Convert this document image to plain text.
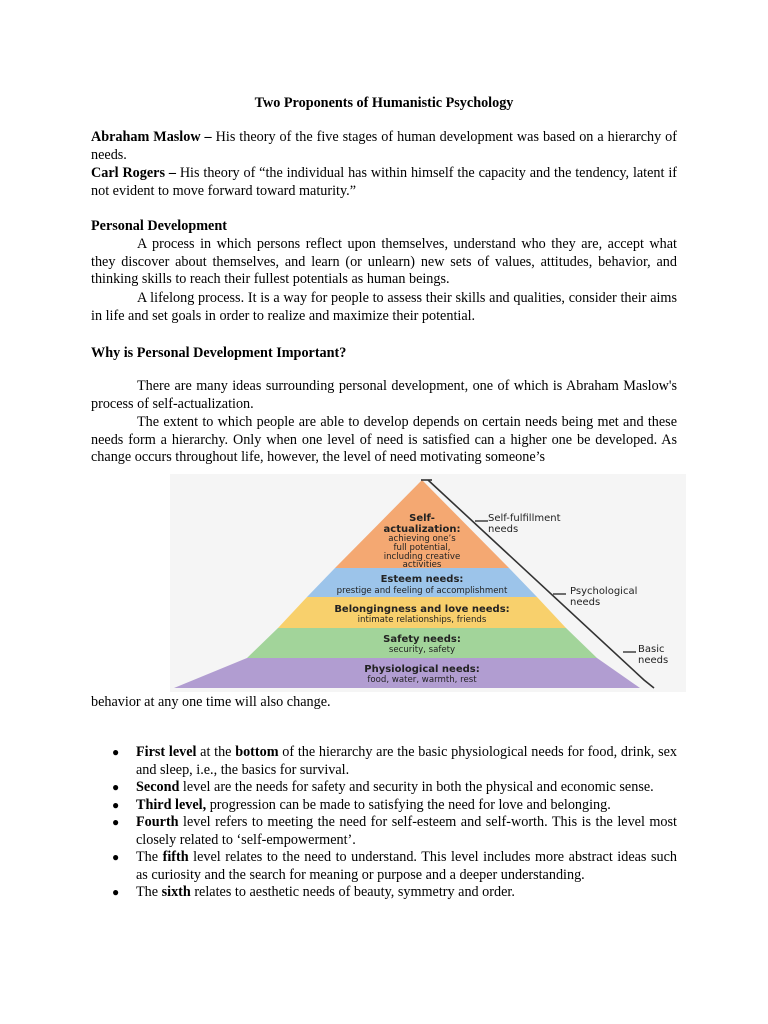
Two Proponents of Humanistic Psychology

Abraham Maslow – His theory of the five stages of human development was based on a hierarchy of needs.

Carl Rogers – His theory of “the individual has within himself the capacity and the tendency, latent if not evident to move forward toward maturity.”

Personal Development

A process in which persons reflect upon themselves, understand who they are, accept what they discover about themselves, and learn (or unlearn) new sets of values, attitudes, behavior, and thinking skills to reach their fullest potentials as human beings.

A lifelong process. It is a way for people to assess their skills and qualities, consider their aims in life and set goals in order to realize and maximize their potential.

Why is Personal Development Important?

There are many ideas surrounding personal development, one of which is Abraham Maslow's process of self-actualization.

The extent to which people are able to develop depends on certain needs being met and these needs form a hierarchy. Only when one level of need is satisfied can a higher one be developed. As change occurs throughout life, however, the level of need motivating someone’s

behavior at any one time will also change.

Self-
actualization:
achieving one’s
full potential,
including creative
activities
Esteem needs:
prestige and feeling of accomplishment
Belongingness and love needs:
intimate relationships, friends
Safety needs:
security, safety
Physiological needs:
food, water, warmth, rest
Self-fulfillment
needs
Psychological
needs
Basic
needs
● First level at the bottom of the hierarchy are the basic physiological needs for food, drink, sex and sleep, i.e., the basics for survival.
● Second level are the needs for safety and security in both the physical and economic sense.
● Third level, progression can be made to satisfying the need for love and belonging.
● Fourth level refers to meeting the need for self-esteem and self-worth. This is the level most closely related to ‘self-empowerment’.
● The fifth level relates to the need to understand. This level includes more abstract ideas such as curiosity and the search for meaning or purpose and a deeper understanding.
● The sixth relates to aesthetic needs of beauty, symmetry and order.
